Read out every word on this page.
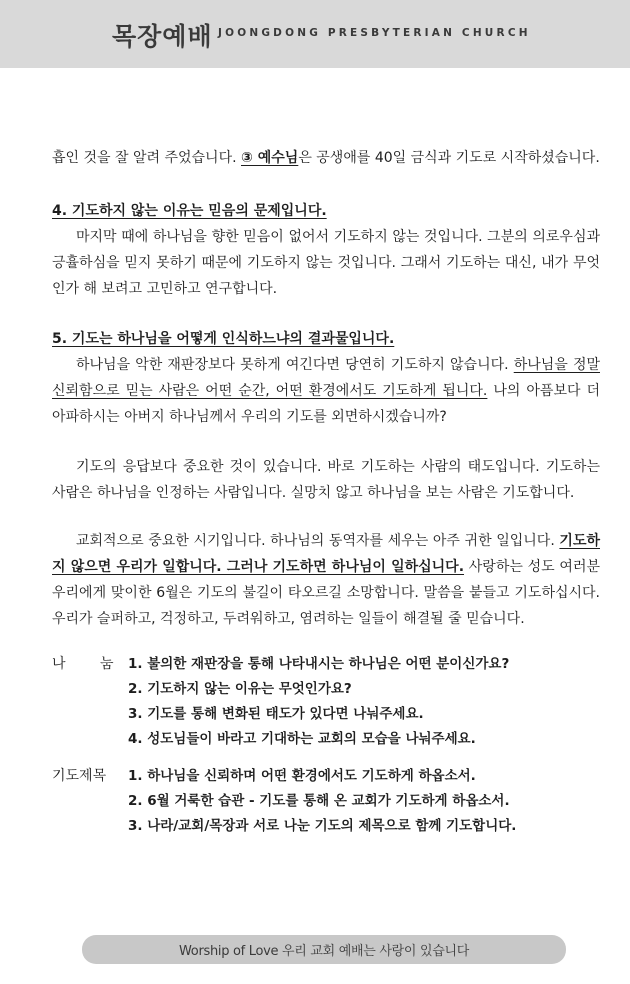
목장예배 JOONGDONG PRESBYTERIAN CHURCH

흡인 것을 잘 알려 주었습니다. ③ 예수님은 공생애를 40일 금식과 기도로 시작하셨습니다.

4. 기도하지 않는 이유는 믿음의 문제입니다.

마지막 때에 하나님을 향한 믿음이 없어서 기도하지 않는 것입니다. 그분의 의로우심과 긍휼하심을 믿지 못하기 때문에 기도하지 않는 것입니다. 그래서 기도하는 대신, 내가 무엇인가 해 보려고 고민하고 연구합니다.

5. 기도는 하나님을 어떻게 인식하느냐의 결과물입니다.

하나님을 악한 재판장보다 못하게 여긴다면 당연히 기도하지 않습니다. 하나님을 정말 신뢰함으로 믿는 사람은 어떤 순간, 어떤 환경에서도 기도하게 됩니다. 나의 아픔보다 더 아파하시는 아버지 하나님께서 우리의 기도를 외면하시겠습니까?

기도의 응답보다 중요한 것이 있습니다. 바로 기도하는 사람의 태도입니다. 기도하는 사람은 하나님을 인정하는 사람입니다. 실망치 않고 하나님을 보는 사람은 기도합니다.

교회적으로 중요한 시기입니다. 하나님의 동역자를 세우는 아주 귀한 일입니다. 기도하지 않으면 우리가 일합니다. 그러나 기도하면 하나님이 일하십니다. 사랑하는 성도 여러분 우리에게 맞이한 6월은 기도의 불길이 타오르길 소망합니다. 말씀을 붙들고 기도하십시다. 우리가 슬퍼하고, 걱정하고, 두려워하고, 염려하는 일들이 해결될 줄 믿습니다.

나 눔	1. 불의한 재판장을 통해 나타내시는 하나님은 어떤 분이신가요?
2. 기도하지 않는 이유는 무엇인가요?
3. 기도를 통해 변화된 태도가 있다면 나눠주세요.
4. 성도님들이 바라고 기대하는 교회의 모습을 나눠주세요.
기도제목	1. 하나님을 신뢰하며 어떤 환경에서도 기도하게 하옵소서.
2. 6월 거룩한 습관 - 기도를 통해 온 교회가 기도하게 하옵소서.
3. 나라/교회/목장과 서로 나눈 기도의 제목으로 함께 기도합니다.
Worship of Love 우리 교회 예배는 사랑이 있습니다
